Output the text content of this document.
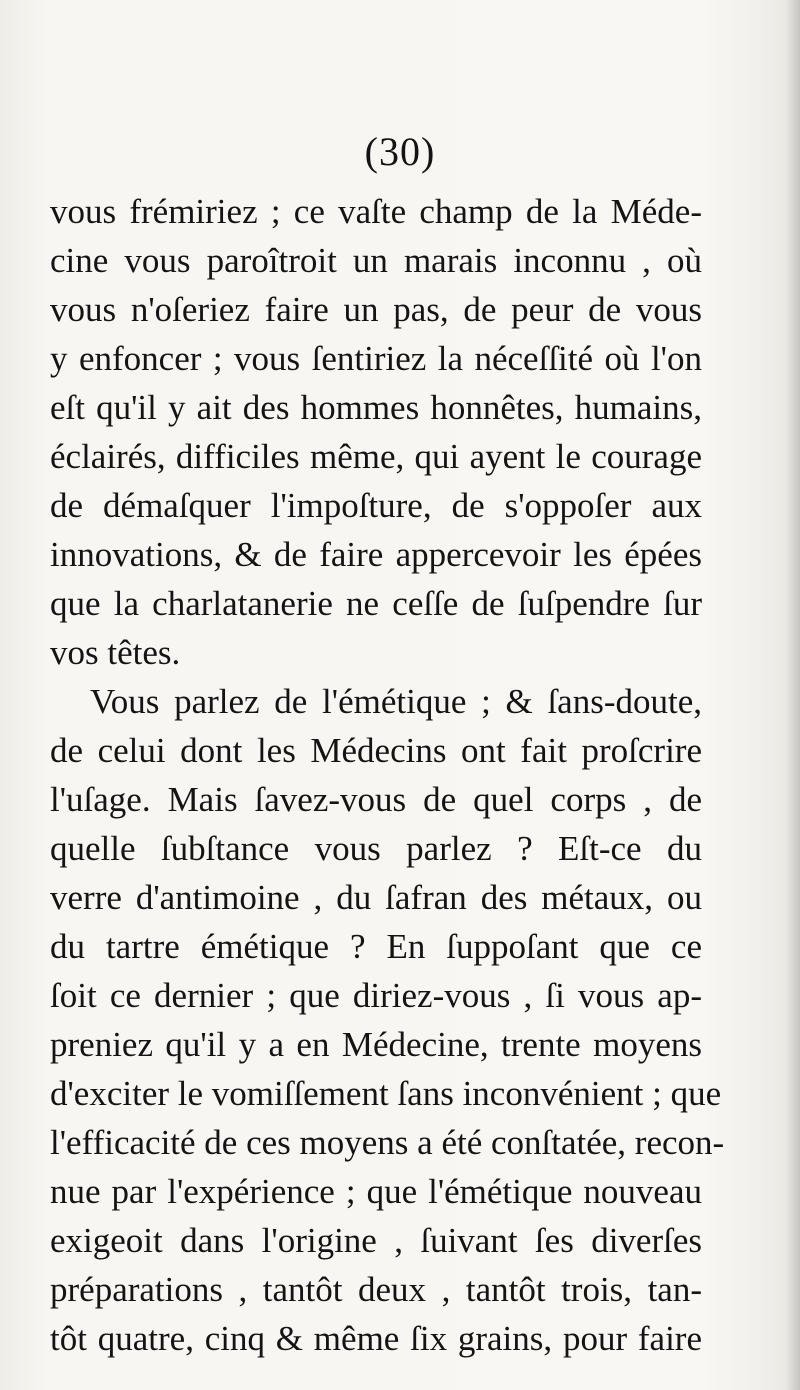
(30)
vous frémiriez ; ce vaſte champ de la Méde-
cine vous paroîtroit un marais inconnu , où
vous n'oſeriez faire un pas, de peur de vous
y enfoncer ; vous ſentiriez la néceſſité où l'on
eſt qu'il y ait des hommes honnêtes, humains,
éclairés, difficiles même, qui ayent le courage
de démaſquer l'impoſture, de s'oppoſer aux
innovations, & de faire appercevoir les épées
que la charlatanerie ne ceſſe de ſuſpendre ſur
vos têtes.
Vous parlez de l'émétique ; & ſans-doute,
de celui dont les Médecins ont fait proſcrire
l'uſage. Mais ſavez-vous de quel corps , de
quelle ſubſtance vous parlez ? Eſt-ce du
verre d'antimoine , du ſafran des métaux, ou
du tartre émétique ? En ſuppoſant que ce
ſoit ce dernier ; que diriez-vous , ſi vous ap-
preniez qu'il y a en Médecine, trente moyens
d'exciter le vomiſſement ſans inconvénient ; que
l'efficacité de ces moyens a été conſtatée, recon-
nue par l'expérience ; que l'émétique nouveau
exigeoit dans l'origine , ſuivant ſes diverſes
préparations , tantôt deux , tantôt trois, tan-
tôt quatre, cinq & même ſix grains, pour faire
